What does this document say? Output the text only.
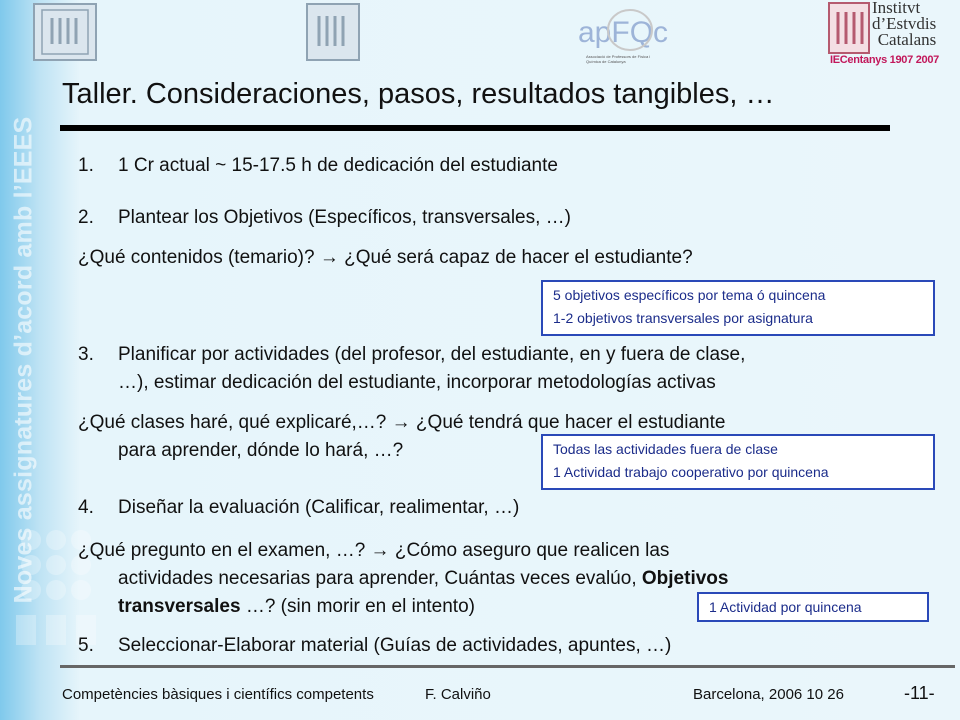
Noves assignatures d’acord amb l’EEES
apFQc
Associació de Professors de Física i Química de Catalunya
Institvt
d’Estvdis
Catalans
IECentanys 1907 2007
Taller. Consideraciones, pasos, resultados tangibles, …
1. 1 Cr actual ~ 15-17.5 h de dedicación del estudiante
2. Plantear los Objetivos (Específicos, transversales, …)
¿Qué contenidos (temario)? → ¿Qué será capaz de hacer el estudiante?
5 objetivos específicos por tema ó quincena
1-2 objetivos transversales por asignatura
3. Planificar por actividades (del profesor, del estudiante, en y fuera de clase,
…), estimar dedicación del estudiante, incorporar metodologías activas
¿Qué clases haré, qué explicaré,…? → ¿Qué tendrá que hacer el estudiante
para aprender, dónde lo hará, …?	Todas las actividades fuera de clase
1 Actividad trabajo cooperativo por quincena
4. Diseñar la evaluación (Calificar, realimentar, …)
¿Qué pregunto en el examen, …? → ¿Cómo aseguro que realicen las
actividades necesarias para aprender, Cuántas veces evalúo, Objetivos
transversales …? (sin morir en el intento)	1 Actividad por quincena
5. Seleccionar-Elaborar material (Guías de actividades, apuntes, …)
Competències bàsiques i científics competents	F. Calviño	Barcelona, 2006 10 26	-11-
